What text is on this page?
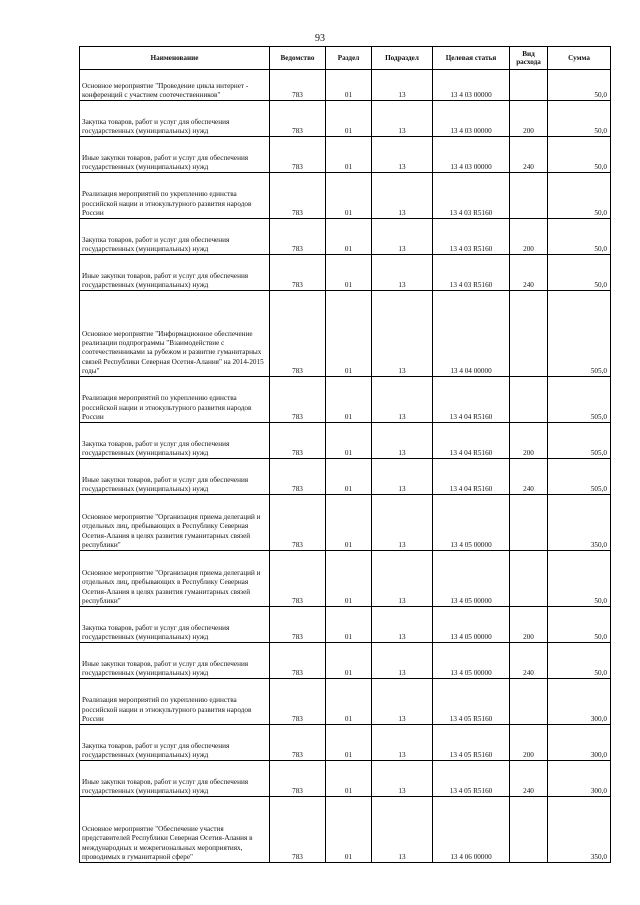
93
Наименование	Ведомство	Раздел	Подраздел	Целевая статья	Вид расхода	Сумма
Основное мероприятие "Проведение цикла интернет - конференций с участием соотечественников"	783	01	13	13 4 03 00000		50,0
Закупка товаров, работ и услуг для обеспечения государственных (муниципальных) нужд	783	01	13	13 4 03 00000	200	50,0
Иные закупки товаров, работ и услуг для обеспечения государственных (муниципальных) нужд	783	01	13	13 4 03 00000	240	50,0
Реализация мероприятий по укреплению единства российской нации и этнокультурного развития народов России	783	01	13	13 4 03 R5160		50,0
Закупка товаров, работ и услуг для обеспечения государственных (муниципальных) нужд	783	01	13	13 4 03 R5160	200	50,0
Иные закупки товаров, работ и услуг для обеспечения государственных (муниципальных) нужд	783	01	13	13 4 03 R5160	240	50,0
Основное мероприятие "Информационное обеспечение реализации подпрограммы "Взаимодействие с соотечественниками за рубежом и развитие гуманитарных связей Республики Северная Осетия-Алания" на 2014-2015 годы"	783	01	13	13 4 04 00000		505,0
Реализация мероприятий по укреплению единства российской нации и этнокультурного развития народов России	783	01	13	13 4 04 R5160		505,0
Закупка товаров, работ и услуг для обеспечения государственных (муниципальных) нужд	783	01	13	13 4 04 R5160	200	505,0
Иные закупки товаров, работ и услуг для обеспечения государственных (муниципальных) нужд	783	01	13	13 4 04 R5160	240	505,0
Основное мероприятие "Организация приема делегаций и отдельных лиц, пребывающих в Республику Северная Осетия-Алания в целях развития гуманитарных связей республики"	783	01	13	13 4 05 00000		350,0
Основное мероприятие "Организация приема делегаций и отдельных лиц, пребывающих в Республику Северная Осетия-Алания в целях развития гуманитарных связей республики"	783	01	13	13 4 05 00000		50,0
Закупка товаров, работ и услуг для обеспечения государственных (муниципальных) нужд	783	01	13	13 4 05 00000	200	50,0
Иные закупки товаров, работ и услуг для обеспечения государственных (муниципальных) нужд	783	01	13	13 4 05 00000	240	50,0
Реализация мероприятий по укреплению единства российской нации и этнокультурного развития народов России	783	01	13	13 4 05 R5160		300,0
Закупка товаров, работ и услуг для обеспечения государственных (муниципальных) нужд	783	01	13	13 4 05 R5160	200	300,0
Иные закупки товаров, работ и услуг для обеспечения государственных (муниципальных) нужд	783	01	13	13 4 05 R5160	240	300,0
Основное мероприятие "Обеспечение участия представителей Республики Северная Осетия-Алания в международных и межрегиональных мероприятиях, проводимых в гуманитарной сфере"	783	01	13	13 4 06 00000		350,0
